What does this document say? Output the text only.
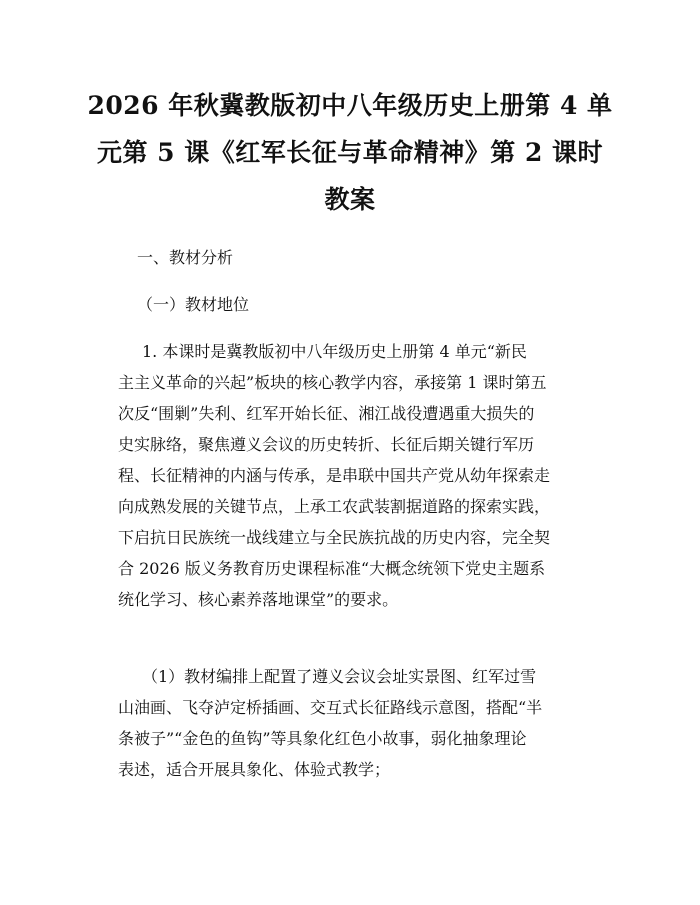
2026 年秋冀教版初中八年级历史上册第 4 单
元第 5 课《红军长征与革命精神》第 2 课时
教案
一、教材分析
（一）教材地位
1. 本课时是冀教版初中八年级历史上册第 4 单元“新民
主主义革命的兴起”板块的核心教学内容，承接第 1 课时第五
次反“围剿”失利、红军开始长征、湘江战役遭遇重大损失的
史实脉络，聚焦遵义会议的历史转折、长征后期关键行军历
程、长征精神的内涵与传承，是串联中国共产党从幼年探索走
向成熟发展的关键节点，上承工农武装割据道路的探索实践，
下启抗日民族统一战线建立与全民族抗战的历史内容，完全契
合 2026 版义务教育历史课程标准“大概念统领下党史主题系
统化学习、核心素养落地课堂”的要求。
（1）教材编排上配置了遵义会议会址实景图、红军过雪
山油画、飞夺泸定桥插画、交互式长征路线示意图，搭配“半
条被子”“金色的鱼钩”等具象化红色小故事，弱化抽象理论
表述，适合开展具象化、体验式教学；
